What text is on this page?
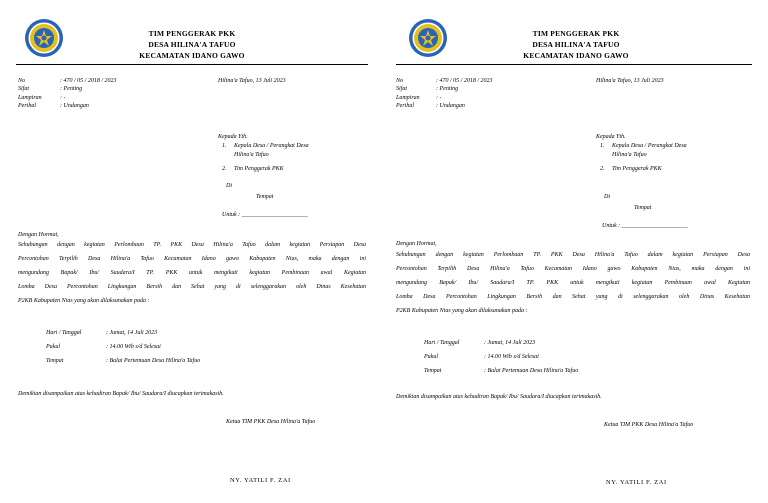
TIM PENGGERAK PKK
DESA HILINA'A TAFUO
KECAMATAN IDANO GAWO
No	: 470 / 05 / 2018 / 2023
Sifat	: Penting
Lampiran	: -
Perihal	: Undangan
Hilina'a Tafuo, 13 Juli 2023
Kepada Yth.
1. Kepala Desa / Perangkat Desa
Hilina'a Tafuo
2. Tim Penggerak PKK
Di
Tempat
Untuk : ______________________
Dengan Hormat,
Sehubungan dengan kegiatan Perlombaan TP. PKK Desa Hilina'a Tafuo dalam kegiatan Persiapan Desa
Percontohan Terpilih Desa Hilina'a Tafuo Kecamatan Idano gawo Kabupaten Nias, maka dengan ini
mengundang Bapak/ Ibu/ Saudara/I TP. PKK untuk mengikuti kegiatan Pembinaan awal Kegiatan
Lomba Desa Percontohan Lingkungan Bersih dan Sehat yang di selenggarakan oleh Dinas Kesehatan
P2KB Kabupaten Nias yang akan dilaksanakan pada :
Hari / Tanggal	: Jumat, 14 Juli 2023
Pukul	: 14.00 Wib s/d Selesai
Tempat	: Balai Pertemuan Desa Hilina'a Tafuo
Demikian disampaikan atas kehadiran Bapak/ Ibu/ Saudara/I diucapkan terimakasih.
Ketua TIM PKK Desa Hilina'a Tafuo
NY. YATILI F. ZAI
TIM PENGGERAK PKK
DESA HILINA'A TAFUO
KECAMATAN IDANO GAWO
No	: 470 / 05 / 2018 / 2023
Sifat	: Penting
Lampiran	: -
Perihal	: Undangan
Hilina'a Tafuo, 13 Juli 2023
Kepada Yth.
1. Kepala Desa / Perangkat Desa
Hilina'a Tafuo
2. Tim Penggerak PKK
Di
Tempat
Untuk : ______________________
Dengan Hormat,
Sehubungan dengan kegiatan Perlombaan TP. PKK Desa Hilina'a Tafuo dalam kegiatan Persiapan Desa
Percontohan Terpilih Desa Hilina'a Tafuo Kecamatan Idano gawo Kabupaten Nias, maka dengan ini
mengundang Bapak/ Ibu/ Saudara/I TP. PKK untuk mengikuti kegiatan Pembinaan awal Kegiatan
Lomba Desa Percontohan Lingkungan Bersih dan Sehat yang di selenggarakan oleh Dinas Kesehatan
P2KB Kabupaten Nias yang akan dilaksanakan pada :
Hari / Tanggal	: Jumat, 14 Juli 2023
Pukul	: 14.00 Wib s/d Selesai
Tempat	: Balai Pertemuan Desa Hilina'a Tafuo
Demikian disampaikan atas kehadiran Bapak/ Ibu/ Saudara/I diucapkan terimakasih.
Ketua TIM PKK Desa Hilina'a Tafuo
NY. YATILI F. ZAI
